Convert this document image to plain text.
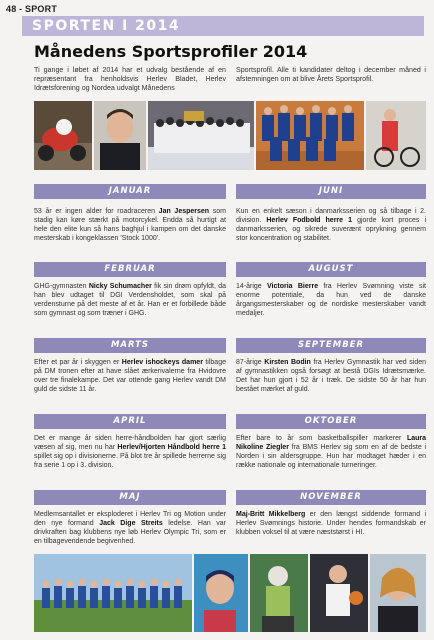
48 - SPORT
SPORTEN I 2014
Månedens Sportsprofiler 2014
Ti gange i løbet af 2014 har et udvalg bestående af en repræsentant fra henholdsvis Herlev Bladet, Herlev Idrætsforening og Nordea udvalgt Månedens
Sportsprofil. Alle ti kandidater deltog i december måned i afstemningen om at blive Årets Sportsprofil.
JANUAR
53 år er ingen alder for roadraceren Jan Jespersen som stadig kan køre stærkt på motorcykel. Endda så hurtigt at hele den elite kun så hans baghjul i kampen om det danske mesterskab i kongeklassen 'Stock 1000'.
JUNI
Kun en enkelt sæson i danmarksserien og så tilbage i 2. division. Herlev Fodbold herre 1 gjorde kort proces i danmarksserien, og sikrede suverænt oprykning gennem stor koncentration og stabilitet.
FEBRUAR
GHG-gymnasten Nicky Schumacher fik sin drøm opfyldt, da han blev udtaget til DGI Verdensholdet, som skal på verdensturne på det meste af et år. Han er et forbillede både som gymnast og som træner i GHG.
AUGUST
14-årige Victoria Bierre fra Herlev Svømning viste sit enorme potentiale, da hun ved de danske årgangsmesterskaber og de nordiske mesterskaber vandt medaljer.
MARTS
Efter et par år i skyggen er Herlev ishockeys damer tilbage på DM tronen efter at have slået ærkerivalerne fra Hvidovre over tre finalekampe. Det var ottende gang Herlev vandt DM guld de sidste 11 år.
SEPTEMBER
87-årige Kirsten Bodin fra Herlev Gymnastik har ved siden af gymnastikken også forsøgt at bestå DGIs Idrætsmærke. Det har hun gjort i 52 år i træk. De sidste 50 år har hun bestået mærket af guld.
APRIL
Det er mange år siden herre-håndbolden har gjort særlig væsen af sig, men nu har Herlev/Hjorten Håndbold herre 1 spillet sig op i divisionerne. På blot tre år spillede herrerne sig fra serie 1 op i 3. division.
OKTOBER
Efter bare to år som basketballspiller markerer Laura Nikoline Ziegler fra BMS Herlev sig som en af de bedste i Norden i sin aldersgruppe. Hun har modtaget hæder i en række nationale og internationale turneringer.
MAJ
Medlemsantallet er eksploderet i Herlev Tri og Motion under den nye formand Jack Dige Streits ledelse. Han var drivkraften bag klubbens nye løb Herlev Olympic Tri, som er en tilbagevendende begivenhed.
NOVEMBER
Maj-Britt Mikkelberg er den længst siddende formand i Herlev Svømnings historie. Under hendes formandskab er klubben voksel til at være næststørst i HI.
